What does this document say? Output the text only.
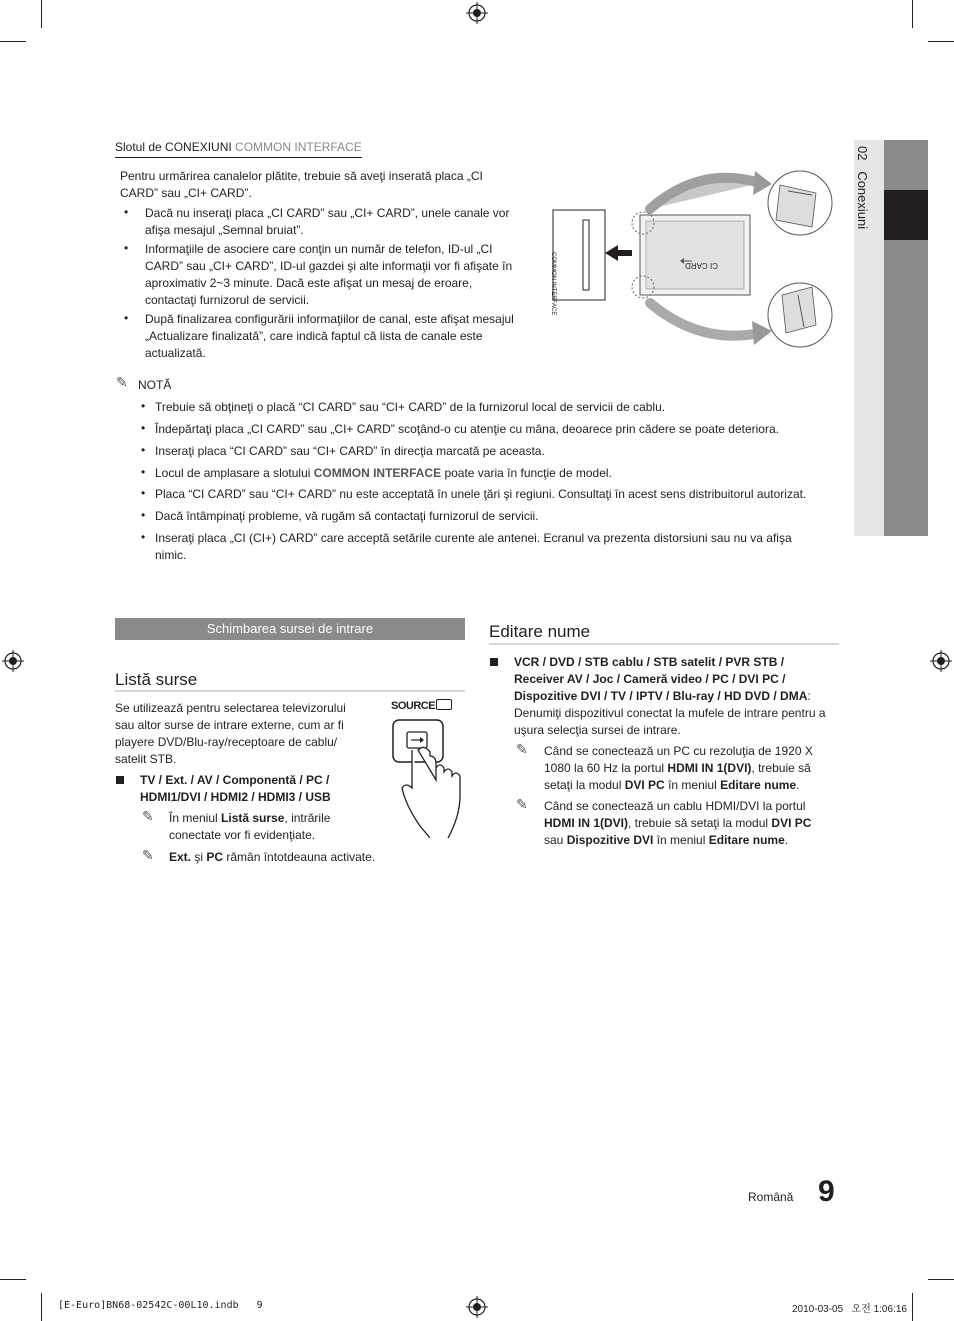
02   Conexiuni
Slotul de CONEXIUNI COMMON INTERFACE
Pentru urmărirea canalelor plătite, trebuie să aveţi inserată placa „CI CARD” sau „CI+ CARD”.
• Dacă nu inseraţi placa „CI CARD” sau „CI+ CARD”, unele canale vor afişa mesajul „Semnal bruiat”.
• Informaţiile de asociere care conţin un număr de telefon, ID-ul „CI CARD” sau „CI+ CARD”, ID-ul gazdei şi alte informaţii vor fi afişate în aproximativ 2~3 minute. Dacă este afişat un mesaj de eroare, contactaţi furnizorul de servicii.
• După finalizarea configurării informaţiilor de canal, este afişat mesajul „Actualizare finalizată”, care indică faptul că lista de canale este actualizată.
COMMON INTERFACE	CI CARD
✎ NOTĂ
• Trebuie să obţineţi o placă “CI CARD” sau “CI+ CARD” de la furnizorul local de servicii de cablu.
• Îndepărtaţi placa „CI CARD” sau „CI+ CARD” scoţând-o cu atenţie cu mâna, deoarece prin cădere se poate deteriora.
• Inseraţi placa “CI CARD” sau “CI+ CARD” în direcţia marcată pe aceasta.
• Locul de amplasare a slotului COMMON INTERFACE poate varia în funcţie de model.
• Placa “CI CARD” sau “CI+ CARD” nu este acceptată în unele ţări şi regiuni. Consultaţi în acest sens distribuitorul autorizat.
• Dacă întâmpinaţi probleme, vă rugăm să contactaţi furnizorul de servicii.
• Inseraţi placa „CI (CI+) CARD” care acceptă setările curente ale antenei. Ecranul va prezenta distorsiuni sau nu va afişa nimic.
Schimbarea sursei de intrare
Listă surse
Se utilizează pentru selectarea televizorului sau altor surse de intrare externe, cum ar fi playere DVD/Blu-ray/receptoare de cablu/ satelit STB.
TV / Ext. / AV / Componentă / PC /
HDMI1/DVI / HDMI2 / HDMI3 / USB
✎ În meniul Listă surse, intrările conectate vor fi evidenţiate.
✎ Ext. şi PC rămân întotdeauna activate.
SOURCE
Editare nume
VCR / DVD / STB cablu / STB satelit / PVR STB / Receiver AV / Joc / Cameră video / PC / DVI PC / Dispozitive DVI / TV / IPTV / Blu-ray / HD DVD / DMA: Denumiţi dispozitivul conectat la mufele de intrare pentru a uşura selecţia sursei de intrare.
✎ Când se conectează un PC cu rezoluţia de 1920 X 1080 la 60 Hz la portul HDMI IN 1(DVI), trebuie să setaţi la modul DVI PC în meniul Editare nume.
✎ Când se conectează un cablu HDMI/DVI la portul HDMI IN 1(DVI), trebuie să setaţi la modul DVI PC sau Dispozitive DVI în meniul Editare nume.
Română 9
[E-Euro]BN68-02542C-00L10.indb   9	2010-03-05   오전 1:06:16
